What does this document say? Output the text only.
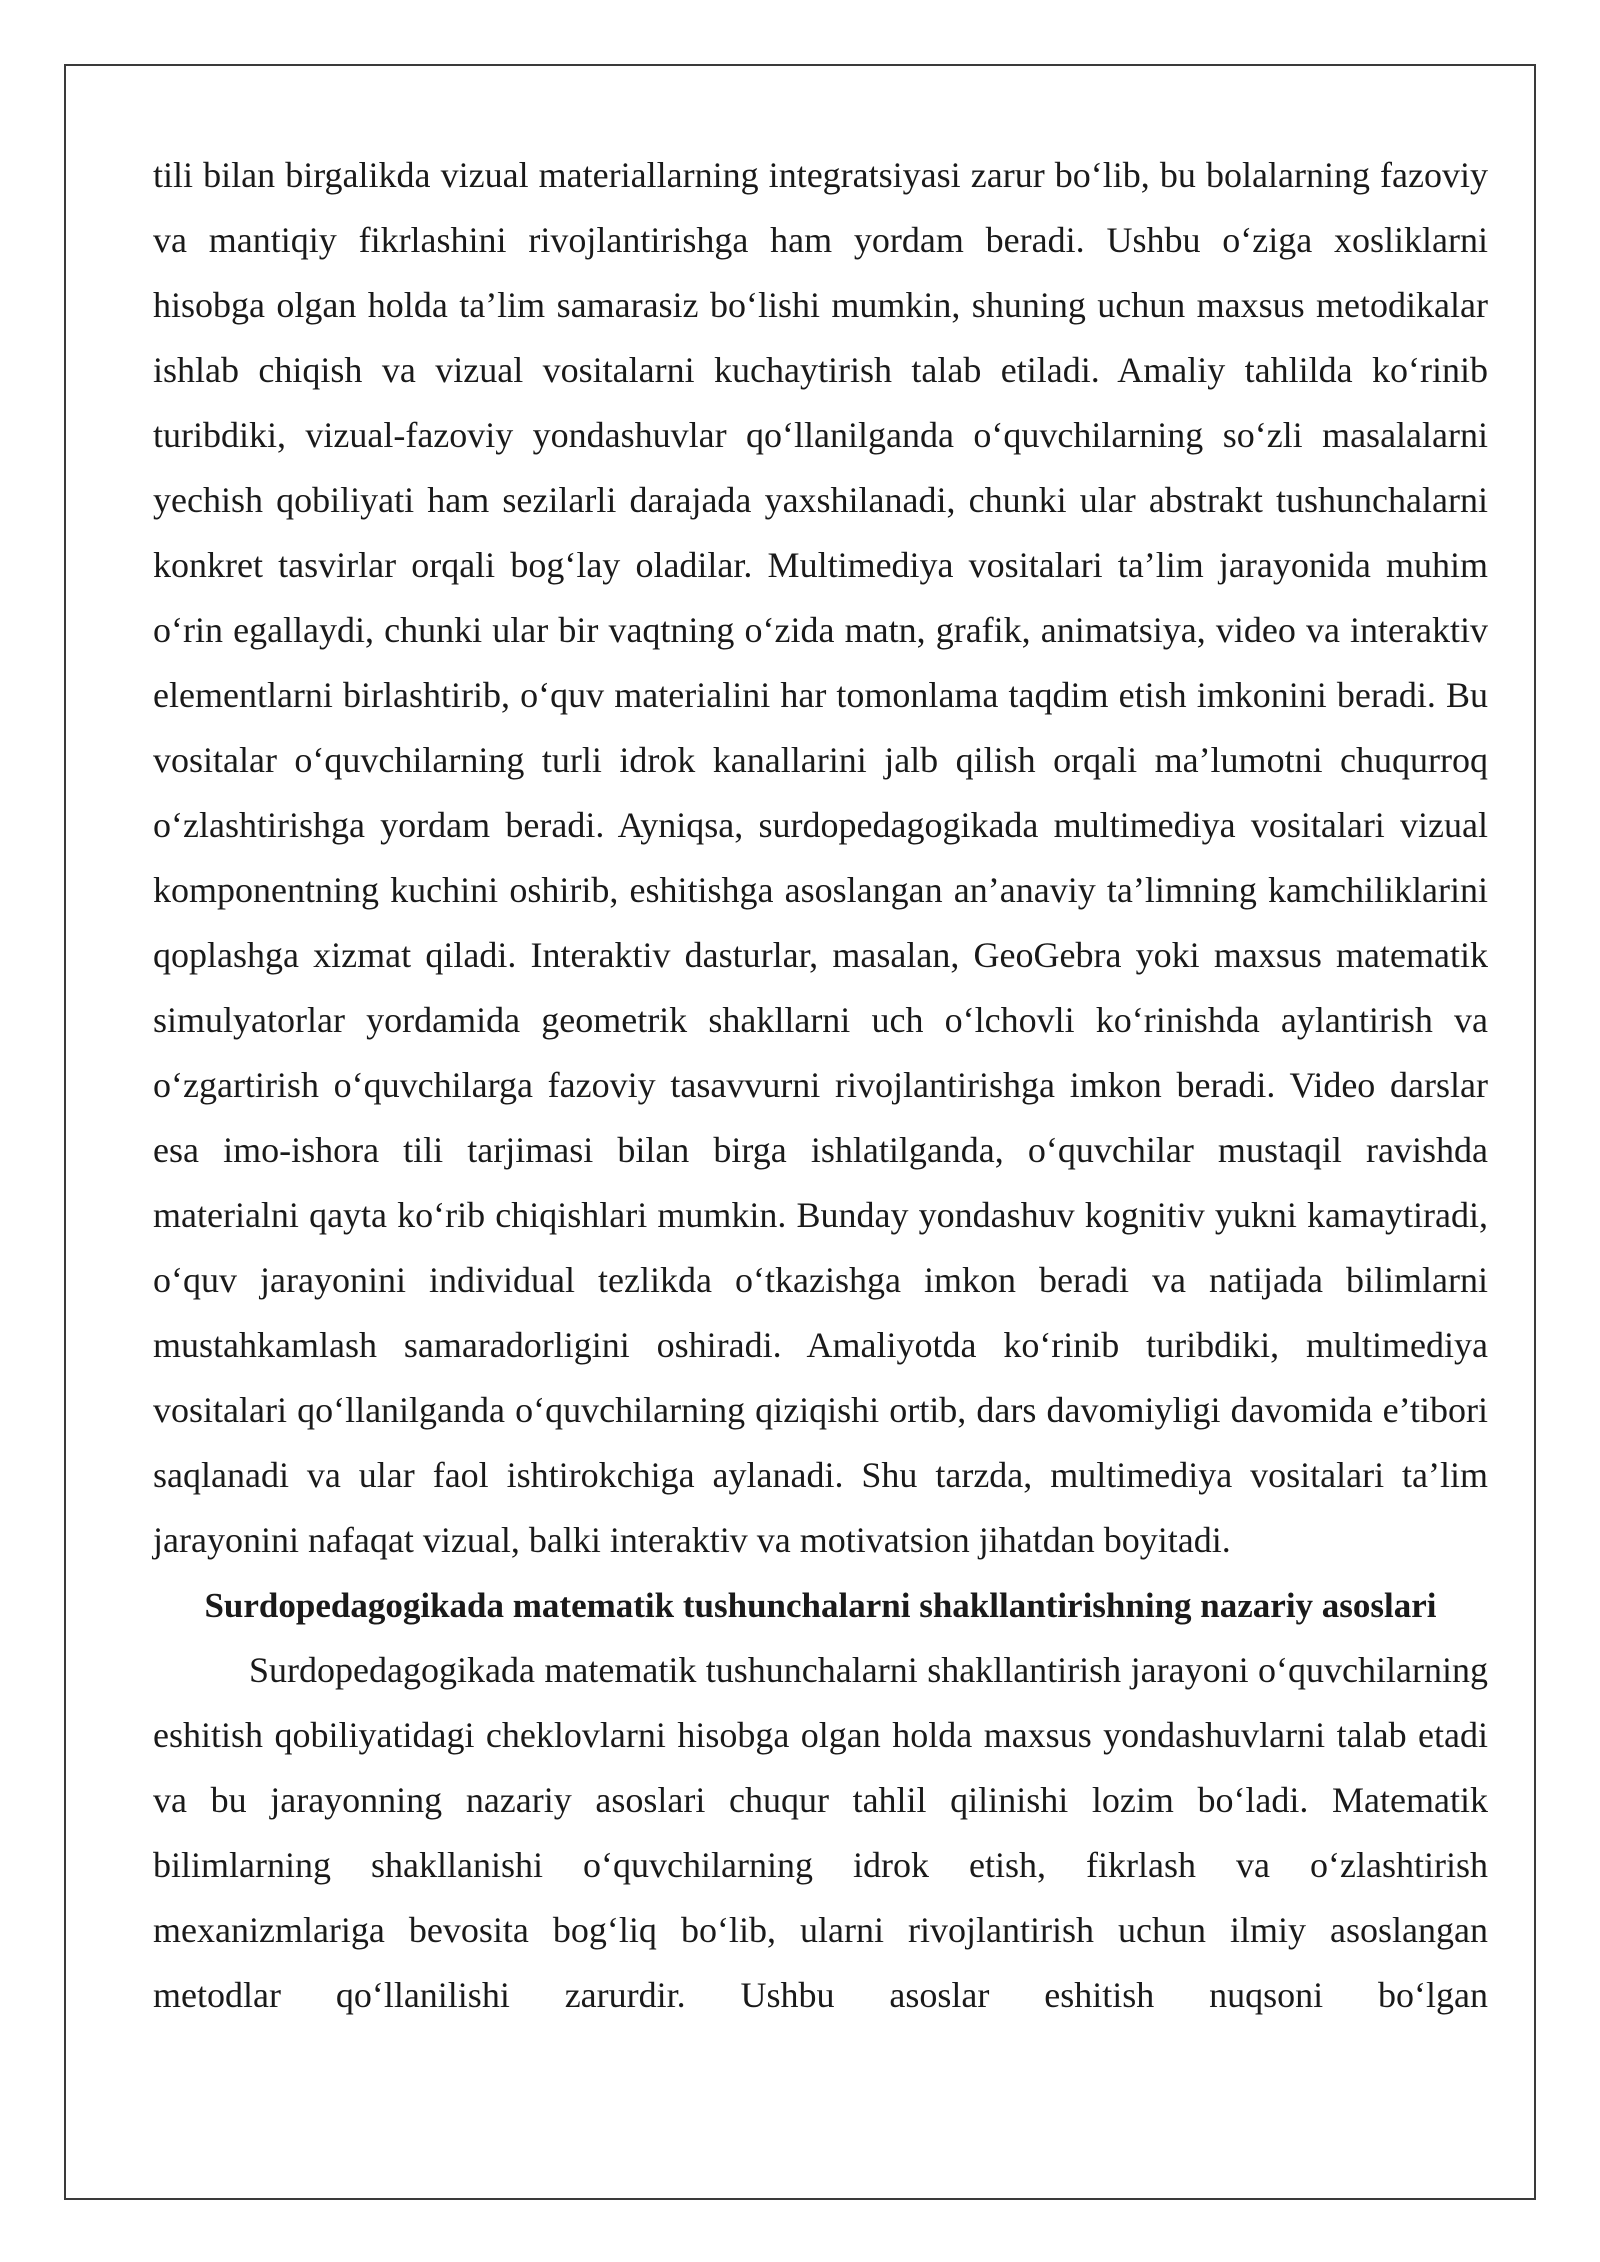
tili bilan birgalikda vizual materiallarning integratsiyasi zarur bo‘lib, bu bolalarning fazoviy va mantiqiy fikrlashini rivojlantirishga ham yordam beradi. Ushbu o‘ziga xosliklarni hisobga olgan holda ta’lim samarasiz bo‘lishi mumkin, shuning uchun maxsus metodikalar ishlab chiqish va vizual vositalarni kuchaytirish talab etiladi. Amaliy tahlilda ko‘rinib turibdiki, vizual-fazoviy yondashuvlar qo‘llanilganda o‘quvchilarning so‘zli masalalarni yechish qobiliyati ham sezilarli darajada yaxshilanadi, chunki ular abstrakt tushunchalarni konkret tasvirlar orqali bog‘lay oladilar. Multimediya vositalari ta’lim jarayonida muhim o‘rin egallaydi, chunki ular bir vaqtning o‘zida matn, grafik, animatsiya, video va interaktiv elementlarni birlashtirib, o‘quv materialini har tomonlama taqdim etish imkonini beradi. Bu vositalar o‘quvchilarning turli idrok kanallarini jalb qilish orqali ma’lumotni chuqurroq o‘zlashtirishga yordam beradi. Ayniqsa, surdopedagogikada multimediya vositalari vizual komponentning kuchini oshirib, eshitishga asoslangan an’anaviy ta’limning kamchiliklarini qoplashga xizmat qiladi. Interaktiv dasturlar, masalan, GeoGebra yoki maxsus matematik simulyatorlar yordamida geometrik shakllarni uch o‘lchovli ko‘rinishda aylantirish va o‘zgartirish o‘quvchilarga fazoviy tasavvurni rivojlantirishga imkon beradi. Video darslar esa imo-ishora tili tarjimasi bilan birga ishlatilganda, o‘quvchilar mustaqil ravishda materialni qayta ko‘rib chiqishlari mumkin. Bunday yondashuv kognitiv yukni kamaytiradi, o‘quv jarayonini individual tezlikda o‘tkazishga imkon beradi va natijada bilimlarni mustahkamlash samaradorligini oshiradi. Amaliyotda ko‘rinib turibdiki, multimediya vositalari qo‘llanilganda o‘quvchilarning qiziqishi ortib, dars davomiyligi davomida e’tibori saqlanadi va ular faol ishtirokchiga aylanadi. Shu tarzda, multimediya vositalari ta’lim jarayonini nafaqat vizual, balki interaktiv va motivatsion jihatdan boyitadi.

Surdopedagogikada matematik tushunchalarni shakllantirishning nazariy asoslari

Surdopedagogikada matematik tushunchalarni shakllantirish jarayoni o‘quvchilarning eshitish qobiliyatidagi cheklovlarni hisobga olgan holda maxsus yondashuvlarni talab etadi va bu jarayonning nazariy asoslari chuqur tahlil qilinishi lozim bo‘ladi. Matematik bilimlarning shakllanishi o‘quvchilarning idrok etish, fikrlash va o‘zlashtirish mexanizmlariga bevosita bog‘liq bo‘lib, ularni rivojlantirish uchun ilmiy asoslangan metodlar qo‘llanilishi zarurdir. Ushbu asoslar eshitish nuqsoni bo‘lgan
